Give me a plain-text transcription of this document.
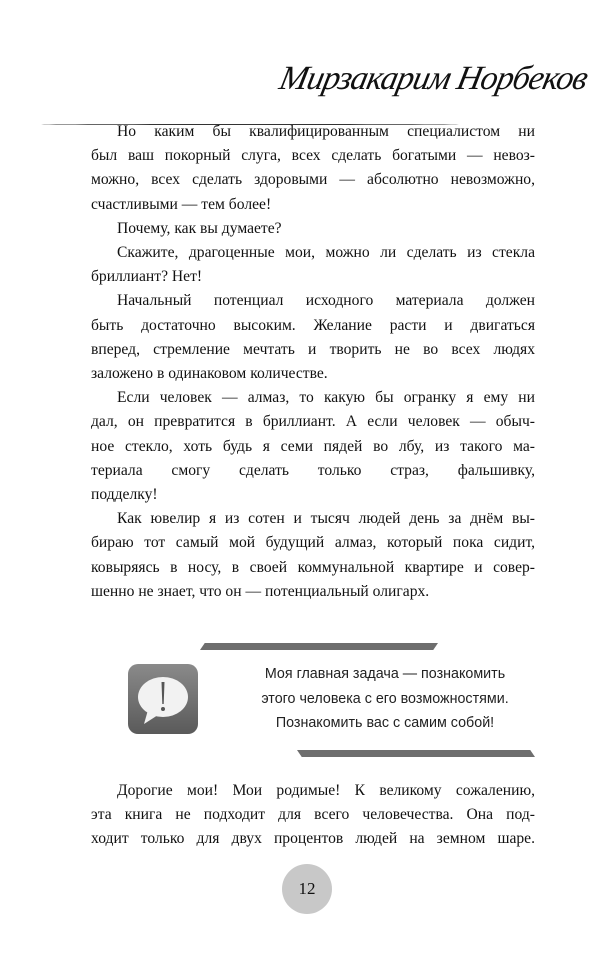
Мирзакарим Норбеков
Но каким бы квалифицированным специалистом ни
был ваш покорный слуга, всех сделать богатыми — невоз-
можно, всех сделать здоровыми — абсолютно невозможно,
счастливыми — тем более!
Почему, как вы думаете?
Скажите, драгоценные мои, можно ли сделать из стекла
бриллиант? Нет!
Начальный потенциал исходного материала должен
быть достаточно высоким. Желание расти и двигаться
вперед, стремление мечтать и творить не во всех людях
заложено в одинаковом количестве.
Если человек — алмаз, то какую бы огранку я ему ни
дал, он превратится в бриллиант. А если человек — обыч-
ное стекло, хоть будь я семи пядей во лбу, из такого ма-
териала смогу сделать только страз, фальшивку,
подделку!
Как ювелир я из сотен и тысяч людей день за днём вы-
бираю тот самый мой будущий алмаз, который пока сидит,
ковыряясь в носу, в своей коммунальной квартире и совер-
шенно не знает, что он — потенциальный олигарх.
Моя главная задача — познакомить
этого человека с его возможностями.
Познакомить вас с самим собой!
Дорогие мои! Мои родимые! К великому сожалению,
эта книга не подходит для всего человечества. Она под-
ходит только для двух процентов людей на земном шаре.
12
